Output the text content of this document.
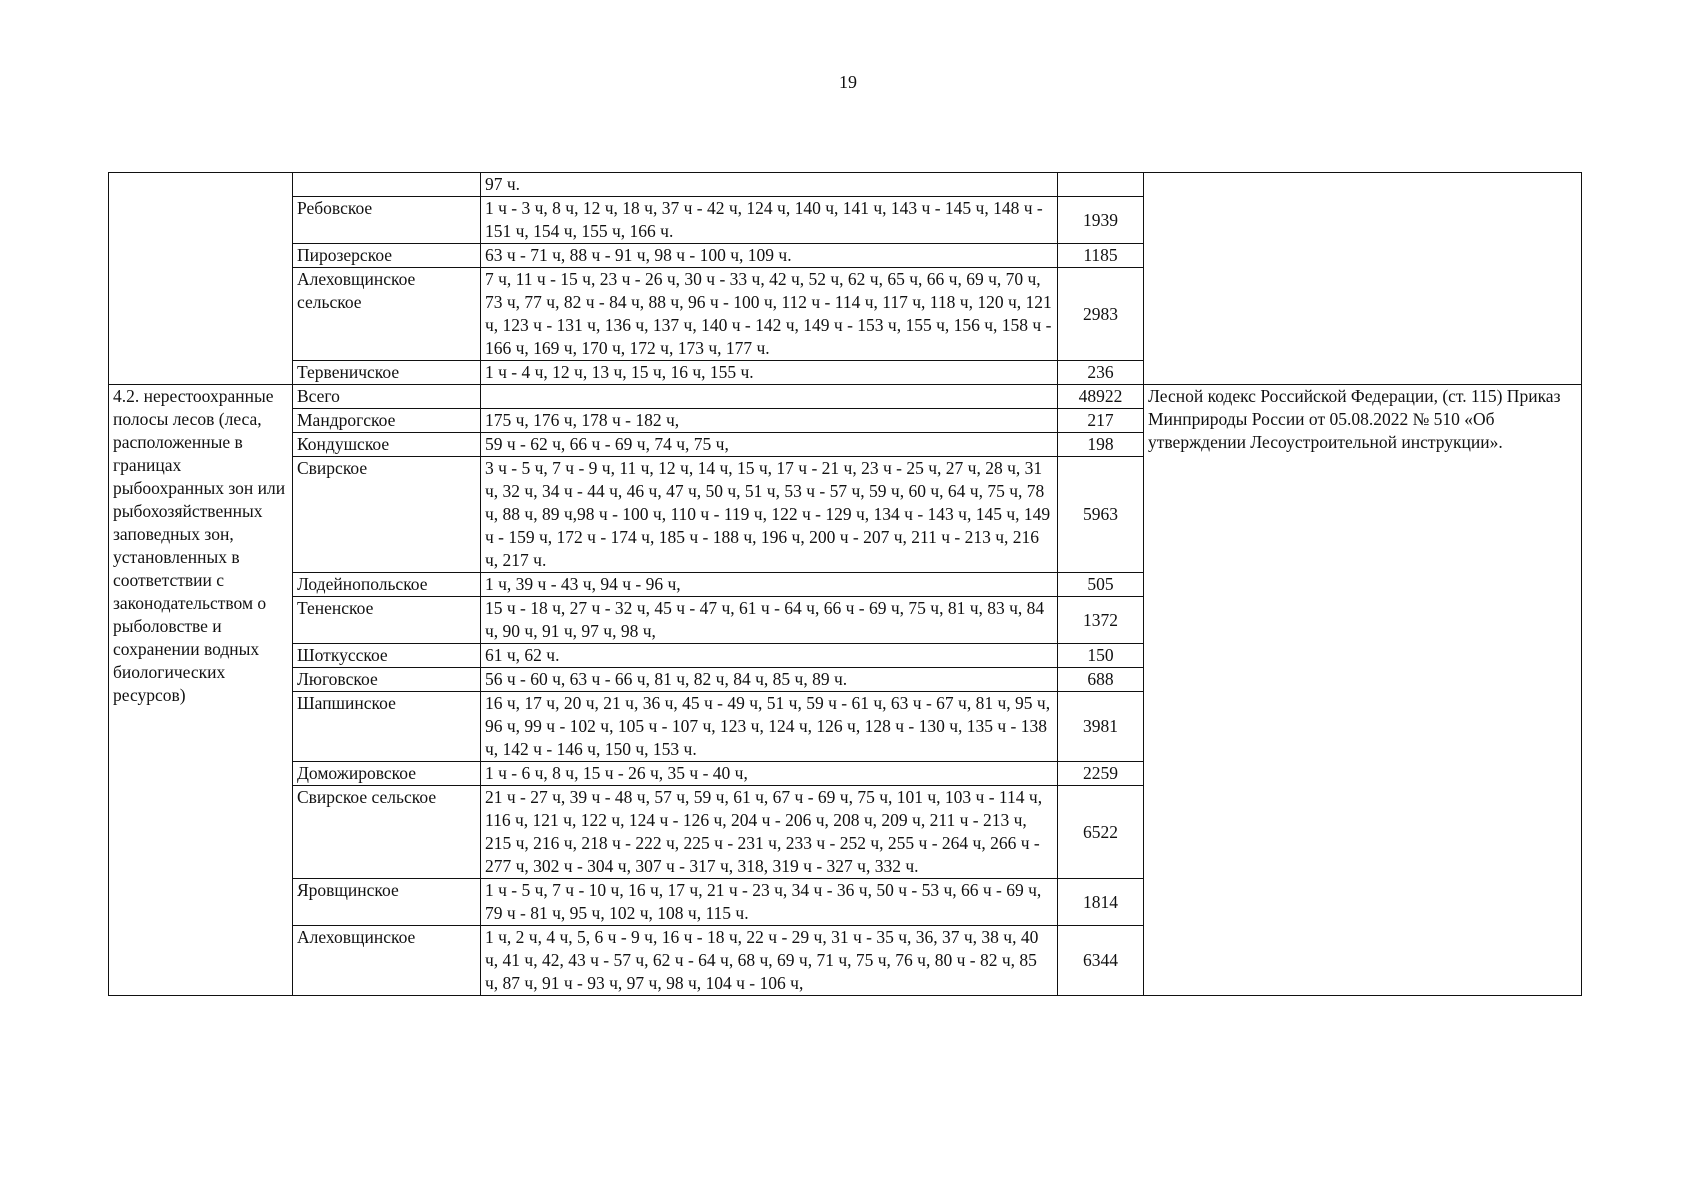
19
		97 ч.		
	Ребовское	1 ч - 3 ч, 8 ч, 12 ч, 18 ч, 37 ч - 42 ч, 124 ч, 140 ч, 141 ч, 143 ч - 145 ч, 148 ч - 151 ч, 154 ч, 155 ч, 166 ч.	1939	
	Пирозерское	63 ч - 71 ч, 88 ч - 91 ч, 98 ч - 100 ч, 109 ч.	1185	
	Алеховщинское сельское	7 ч, 11 ч - 15 ч, 23 ч - 26 ч, 30 ч - 33 ч, 42 ч, 52 ч, 62 ч, 65 ч, 66 ч, 69 ч, 70 ч, 73 ч, 77 ч, 82 ч - 84 ч, 88 ч, 96 ч - 100 ч, 112 ч - 114 ч, 117 ч, 118 ч, 120 ч, 121 ч, 123 ч - 131 ч, 136 ч, 137 ч, 140 ч - 142 ч, 149 ч - 153 ч, 155 ч, 156 ч, 158 ч - 166 ч, 169 ч, 170 ч, 172 ч, 173 ч, 177 ч.	2983	
	Тервеничское	1 ч - 4 ч, 12 ч, 13 ч, 15 ч, 16 ч, 155 ч.	236	
4.2. нерестоохранные полосы лесов (леса, расположенные в границах рыбоохранных зон или рыбохозяйственных заповедных зон, установленных в соответствии с законодательством о рыболовстве и сохранении водных биологических ресурсов)	Всего		48922	Лесной кодекс Российской Федерации, (ст. 115) Приказ Минприроды России от 05.08.2022 № 510 «Об утверждении Лесоустроительной инструкции».
	Мандрогское	175 ч, 176 ч, 178 ч - 182 ч,	217	
	Кондушское	59 ч - 62 ч, 66 ч - 69 ч, 74 ч, 75 ч,	198	
	Свирское	3 ч - 5 ч, 7 ч - 9 ч, 11 ч, 12 ч, 14 ч, 15 ч, 17 ч - 21 ч, 23 ч - 25 ч, 27 ч, 28 ч, 31 ч, 32 ч, 34 ч - 44 ч, 46 ч, 47 ч, 50 ч, 51 ч, 53 ч - 57 ч, 59 ч, 60 ч, 64 ч, 75 ч, 78 ч, 88 ч, 89 ч,98 ч - 100 ч, 110 ч - 119 ч, 122 ч - 129 ч, 134 ч - 143 ч, 145 ч, 149 ч - 159 ч, 172 ч - 174 ч, 185 ч - 188 ч, 196 ч, 200 ч - 207 ч, 211 ч - 213 ч, 216 ч, 217 ч.	5963	
	Лодейнопольское	1 ч, 39 ч - 43 ч, 94 ч - 96 ч,	505	
	Тененское	15 ч - 18 ч, 27 ч - 32 ч, 45 ч - 47 ч, 61 ч - 64 ч, 66 ч - 69 ч, 75 ч, 81 ч, 83 ч, 84 ч, 90 ч, 91 ч, 97 ч, 98 ч,	1372	
	Шоткусское	61 ч, 62 ч.	150	
	Люговское	56 ч - 60 ч, 63 ч - 66 ч, 81 ч, 82 ч, 84 ч, 85 ч, 89 ч.	688	
	Шапшинское	16 ч, 17 ч, 20 ч, 21 ч, 36 ч, 45 ч - 49 ч, 51 ч, 59 ч - 61 ч, 63 ч - 67 ч, 81 ч, 95 ч, 96 ч, 99 ч - 102 ч, 105 ч - 107 ч, 123 ч, 124 ч, 126 ч, 128 ч - 130 ч, 135 ч - 138 ч, 142 ч - 146 ч, 150 ч, 153 ч.	3981	
	Доможировское	1 ч - 6 ч, 8 ч, 15 ч - 26 ч, 35 ч - 40 ч,	2259	
	Свирское сельское	21 ч - 27 ч, 39 ч - 48 ч, 57 ч, 59 ч, 61 ч, 67 ч - 69 ч, 75 ч, 101 ч, 103 ч - 114 ч, 116 ч, 121 ч, 122 ч, 124 ч - 126 ч, 204 ч - 206 ч, 208 ч, 209 ч, 211 ч - 213 ч, 215 ч, 216 ч, 218 ч - 222 ч, 225 ч - 231 ч, 233 ч - 252 ч, 255 ч - 264 ч, 266 ч - 277 ч, 302 ч - 304 ч, 307 ч - 317 ч, 318, 319 ч - 327 ч, 332 ч.	6522	
	Яровщинское	1 ч - 5 ч, 7 ч - 10 ч, 16 ч, 17 ч, 21 ч - 23 ч, 34 ч - 36 ч, 50 ч - 53 ч, 66 ч - 69 ч, 79 ч - 81 ч, 95 ч, 102 ч, 108 ч, 115 ч.	1814	
	Алеховщинское	1 ч, 2 ч, 4 ч, 5, 6 ч - 9 ч, 16 ч - 18 ч, 22 ч - 29 ч, 31 ч - 35 ч, 36, 37 ч, 38 ч, 40 ч, 41 ч, 42, 43 ч - 57 ч, 62 ч - 64 ч, 68 ч, 69 ч, 71 ч, 75 ч, 76 ч, 80 ч - 82 ч, 85 ч, 87 ч, 91 ч - 93 ч, 97 ч, 98 ч, 104 ч - 106 ч,	6344	
